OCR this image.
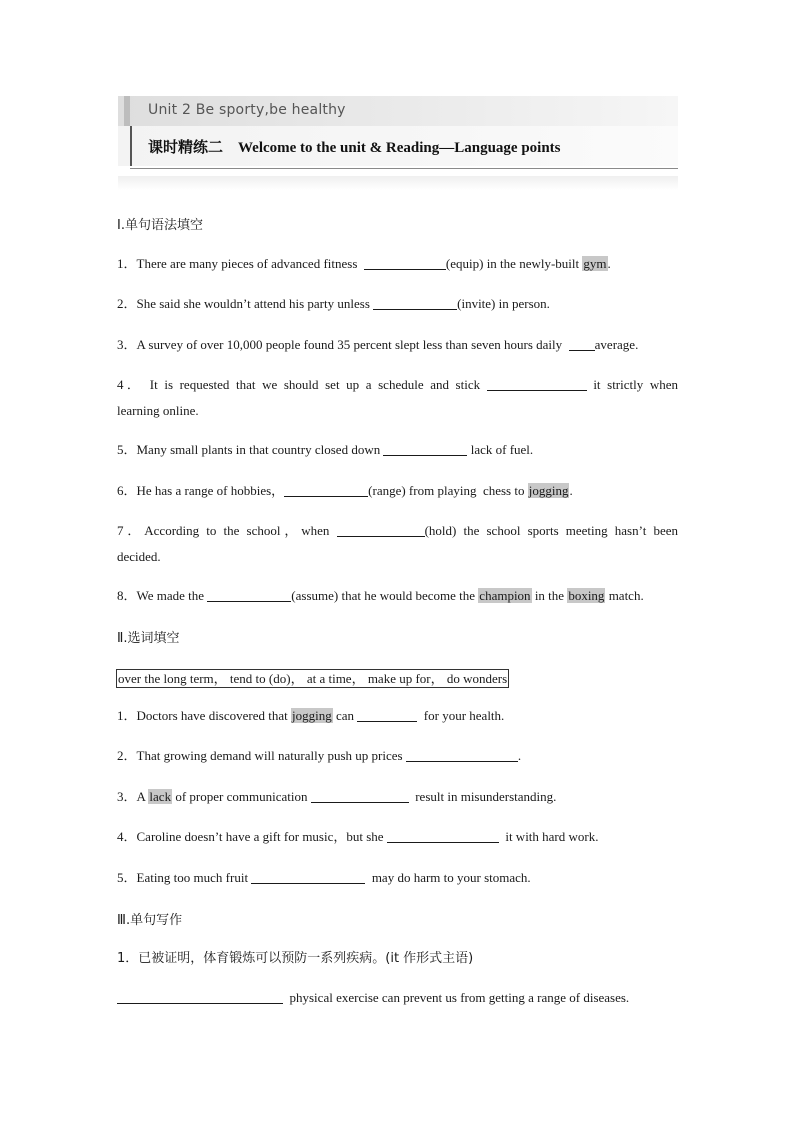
Unit 2 Be sporty,be healthy
课时精练二    Welcome to the unit & Reading—Language points
Ⅰ.单句语法填空
1．There are many pieces of advanced fitness	(equip) in the newly-built gym.
2．She said she wouldn’t attend his party unless	(invite) in person.
3．A survey of over 10,000 people found 35 percent slept less than seven hours daily  average.
4． It is requested that we should set up a schedule and stick	it strictly when
learning online.
5．Many small plants in that country closed down	lack of fuel.
6．He has a range of hobbies，	(range) from playing  chess to jogging.
7．According to the school，when	(hold) the school sports meeting hasn’t been
decided.
8．We made the	(assume) that he would become the champion in the boxing match.
Ⅱ.选词填空
over the long term， tend to (do)， at a time， make up for， do wonders
1．Doctors have discovered that jogging can	for your health.
2．That growing demand will naturally push up prices	.
3．A lack of proper communication	result in misunderstanding.
4．Caroline doesn’t have a gift for music，but she	it with hard work.
5．Eating too much fruit	may do harm to your stomach.
Ⅲ.单句写作
1．已被证明，体育锻炼可以预防一系列疾病。(it 作形式主语)
physical exercise can prevent us from getting a range of diseases.
